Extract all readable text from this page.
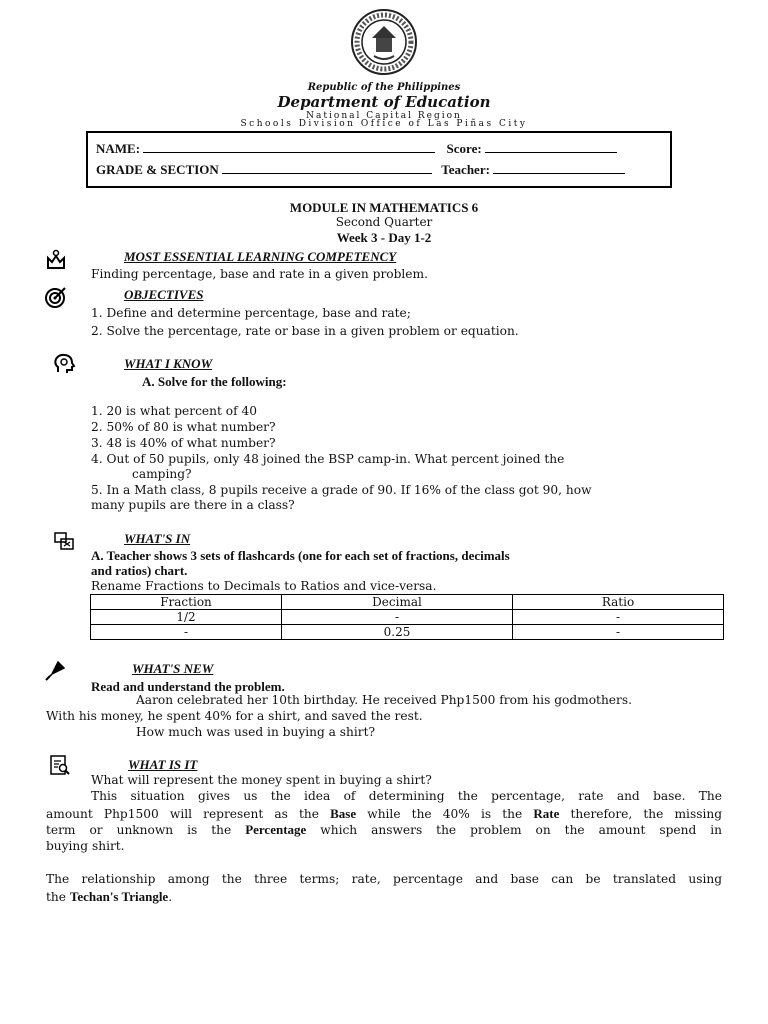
Republic of the Philippines
Department of Education
National Capital Region
Schools Division Office of Las Piñas City
NAME:	Score:
GRADE & SECTION	Teacher:
MODULE IN MATHEMATICS 6
Second Quarter
Week 3 - Day 1-2
MOST ESSENTIAL LEARNING COMPETENCY
Finding percentage, base and rate in a given problem.
OBJECTIVES
1. Define and determine percentage, base and rate;
2. Solve the percentage, rate or base in a given problem or equation.
WHAT I KNOW
A. Solve for the following:
1. 20 is what percent of 40
2. 50% of 80 is what number?
3. 48 is 40% of what number?
4. Out of 50 pupils, only 48 joined the BSP camp-in. What percent joined the
camping?
5. In a Math class, 8 pupils receive a grade of 90. If 16% of the class got 90, how
many pupils are there in a class?
WHAT'S IN
A. Teacher shows 3 sets of flashcards (one for each set of fractions, decimals
and ratios) chart.
Rename Fractions to Decimals to Ratios and vice-versa.
Fraction	Decimal	Ratio
1/2	-	-
-	0.25	-
WHAT'S NEW
Read and understand the problem.
Aaron celebrated her 10th birthday. He received Php1500 from his godmothers.
With his money, he spent 40% for a shirt, and saved the rest.
How much was used in buying a shirt?
WHAT IS IT
What will represent the money spent in buying a shirt?
This situation gives us the idea of determining the percentage, rate and base. The
amount Php1500 will represent as the Base while the 40% is the Rate therefore, the missing
term or unknown is the Percentage which answers the problem on the amount spend in
buying shirt.
The relationship among the three terms; rate, percentage and base can be translated using
the Techan's Triangle.
